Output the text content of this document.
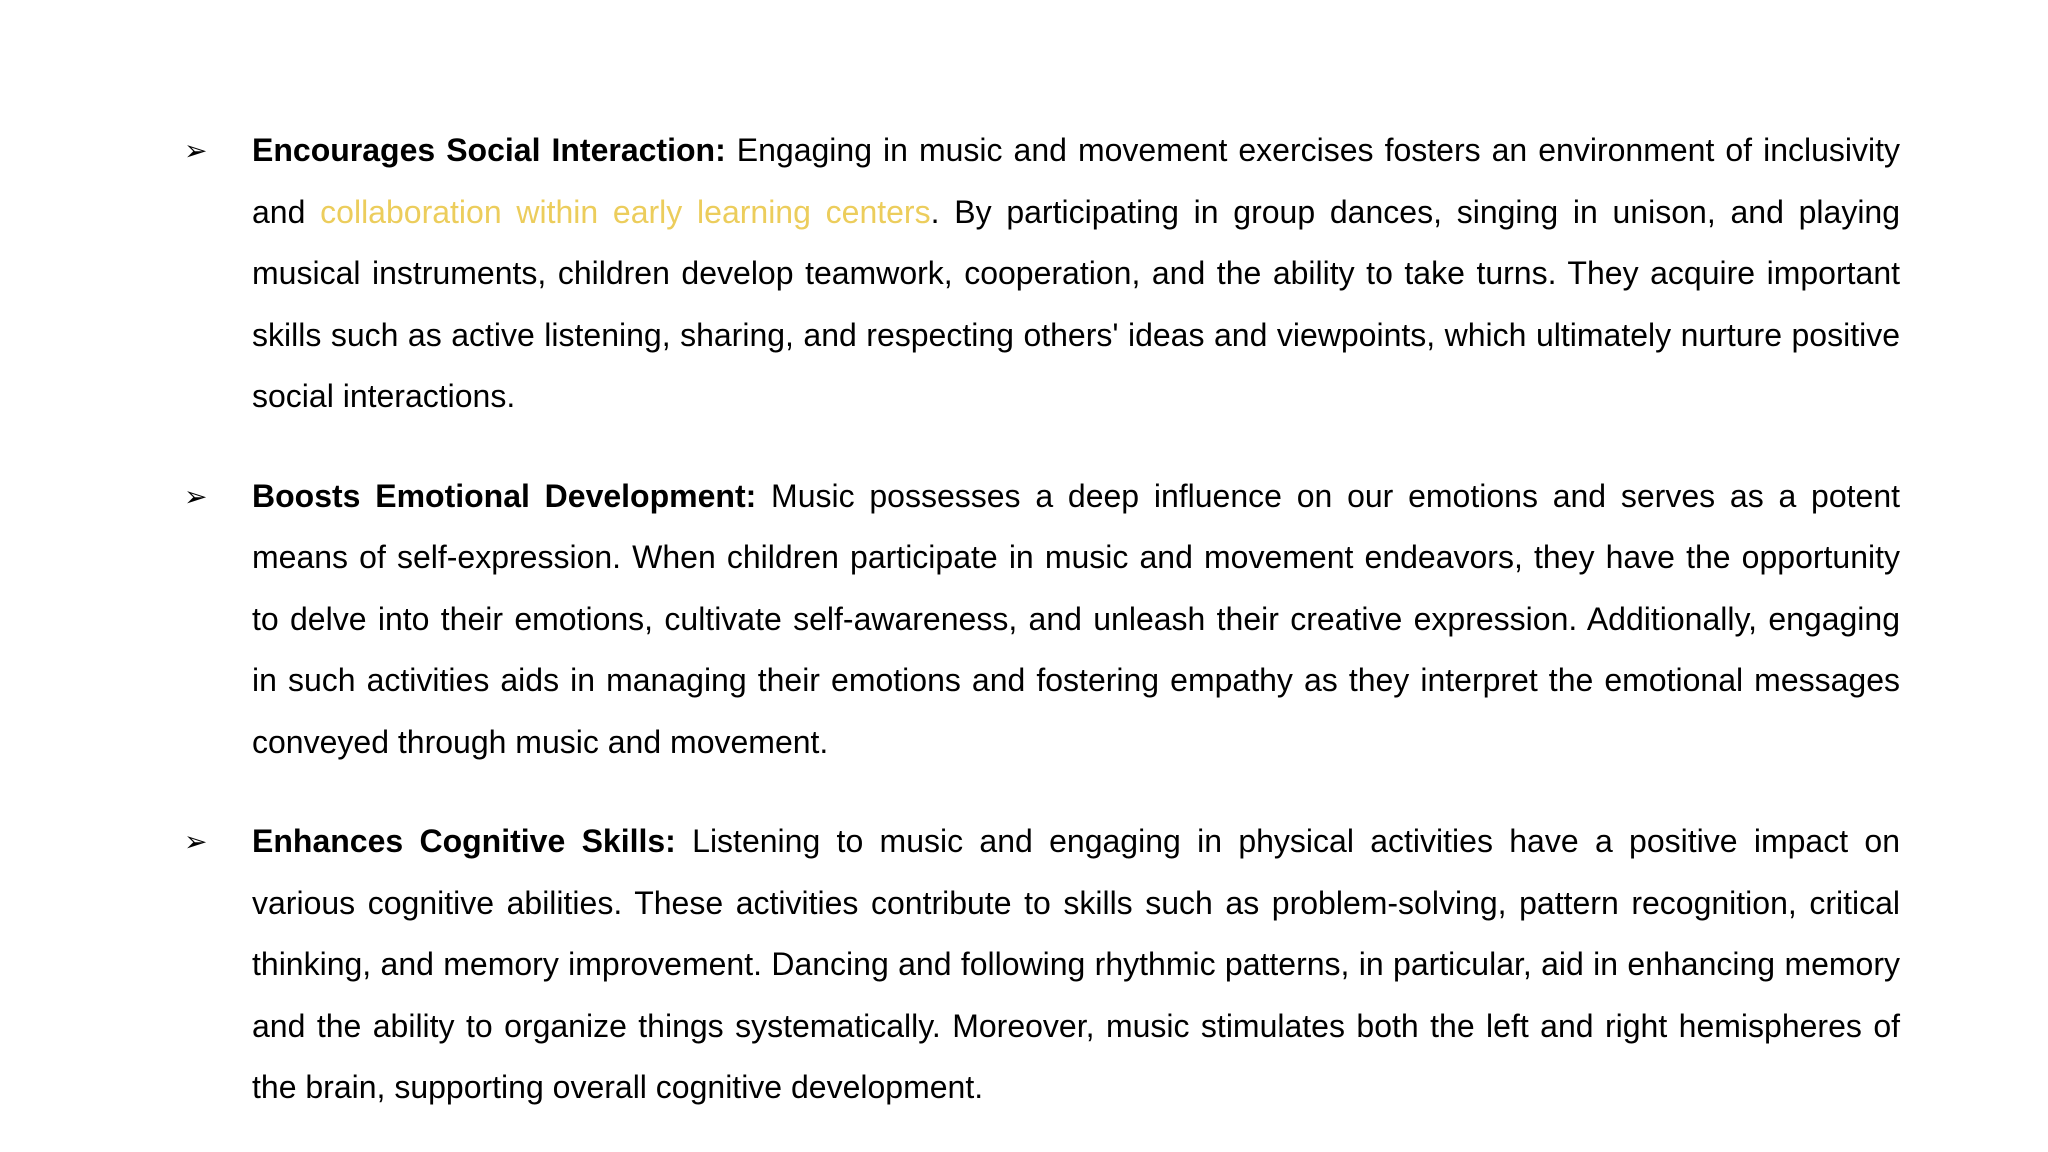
➢ Encourages Social Interaction: Engaging in music and movement exercises fosters an environment of inclusivity and collaboration within early learning centers. By participating in group dances, singing in unison, and playing musical instruments, children develop teamwork, cooperation, and the ability to take turns. They acquire important skills such as active listening, sharing, and respecting others' ideas and viewpoints, which ultimately nurture positive social interactions.

➢ Boosts Emotional Development: Music possesses a deep influence on our emotions and serves as a potent means of self-expression. When children participate in music and movement endeavors, they have the opportunity to delve into their emotions, cultivate self-awareness, and unleash their creative expression. Additionally, engaging in such activities aids in managing their emotions and fostering empathy as they interpret the emotional messages conveyed through music and movement.

➢ Enhances Cognitive Skills: Listening to music and engaging in physical activities have a positive impact on various cognitive abilities. These activities contribute to skills such as problem-solving, pattern recognition, critical thinking, and memory improvement. Dancing and following rhythmic patterns, in particular, aid in enhancing memory and the ability to organize things systematically. Moreover, music stimulates both the left and right hemispheres of the brain, supporting overall cognitive development.
